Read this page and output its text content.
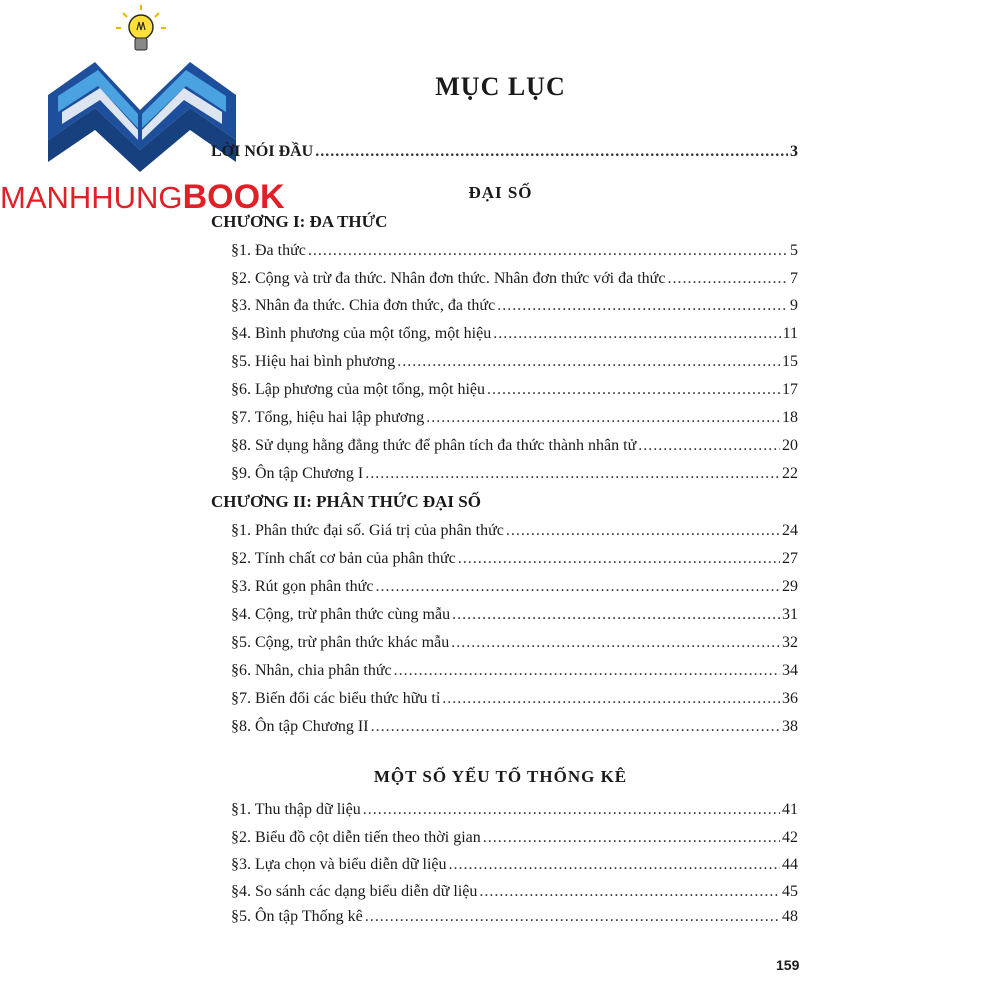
MANHHUNGBOOK
MỤC LỤC
LỜI NÓI ĐẦU .....	3
ĐẠI SỐ
CHƯƠNG I: ĐA THỨC
§1. Đa thức .....	5
§2. Cộng và trừ đa thức. Nhân đơn thức. Nhân đơn thức với đa thức .....	7
§3. Nhân đa thức. Chia đơn thức, đa thức .....	9
§4. Bình phương của một tổng, một hiệu .....	11
§5. Hiệu hai bình phương .....	15
§6. Lập phương của một tổng, một hiệu .....	17
§7. Tổng, hiệu hai lập phương .....	18
§8. Sử dụng hằng đẳng thức để phân tích đa thức thành nhân tử .....	20
§9. Ôn tập Chương I .....	22
CHƯƠNG II: PHÂN THỨC ĐẠI SỐ
§1. Phân thức đại số. Giá trị của phân thức .....	24
§2. Tính chất cơ bản của phân thức .....	27
§3. Rút gọn phân thức .....	29
§4. Cộng, trừ phân thức cùng mẫu .....	31
§5. Cộng, trừ phân thức khác mẫu .....	32
§6. Nhân, chia phân thức .....	34
§7. Biến đổi các biểu thức hữu tỉ .....	36
§8. Ôn tập Chương II .....	38
MỘT SỐ YẾU TỐ THỐNG KÊ
§1. Thu thập dữ liệu .....	41
§2. Biểu đồ cột diễn tiến theo thời gian .....	42
§3. Lựa chọn và biểu diễn dữ liệu .....	44
§4. So sánh các dạng biểu diễn dữ liệu .....	45
§5. Ôn tập Thống kê .....	48
159
